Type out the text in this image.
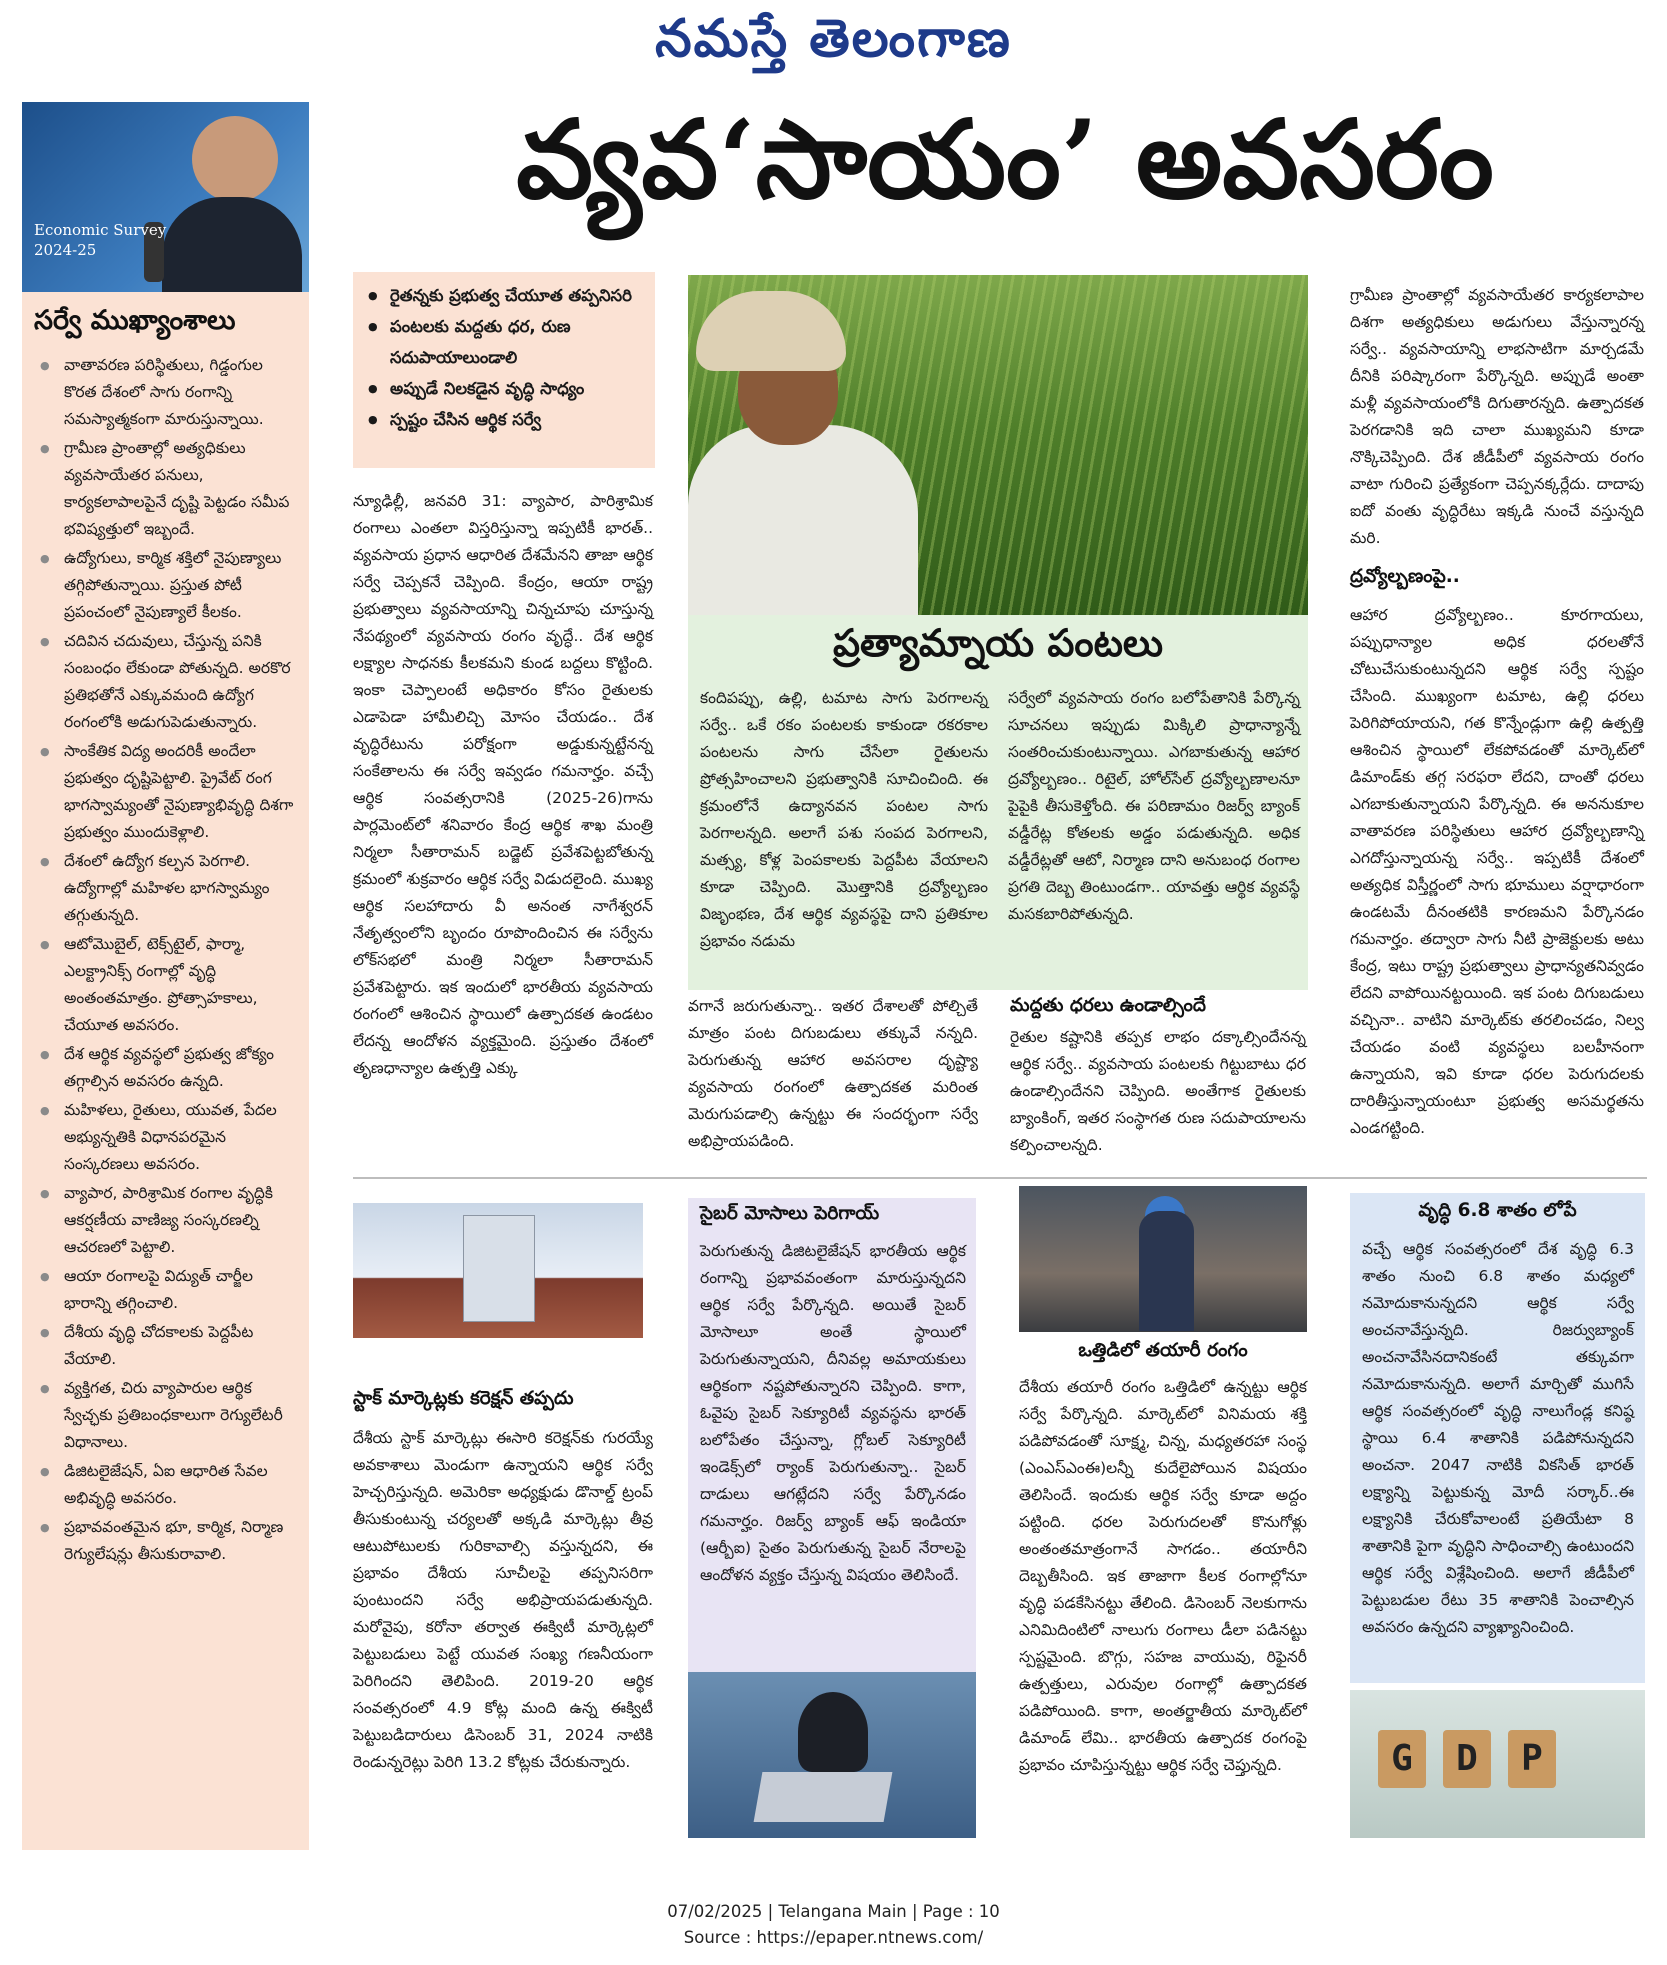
నమస్తే తెలంగాణ
వ్యవ‘సాయం’ అవసరం
Economic Survey
2024-25
సర్వే ముఖ్యాంశాలు
● వాతావరణ పరిస్థితులు, గిడ్డంగుల కొరత దేశంలో సాగు రంగాన్ని సమస్యాత్మకంగా మారుస్తున్నాయి.
● గ్రామీణ ప్రాంతాల్లో అత్యధికులు వ్యవసాయేతర పనులు, కార్యకలాపాలపైనే దృష్టి పెట్టడం సమీప భవిష్యత్తులో ఇబ్బందే.
● ఉద్యోగులు, కార్మిక శక్తిలో నైపుణ్యాలు తగ్గిపోతున్నాయి. ప్రస్తుత పోటీ ప్రపంచంలో నైపుణ్యాలే కీలకం.
● చదివిన చదువులు, చేస్తున్న పనికి సంబంధం లేకుండా పోతున్నది. అరకొర ప్రతిభతోనే ఎక్కువమంది ఉద్యోగ రంగంలోకి అడుగుపెడుతున్నారు.
● సాంకేతిక విద్య అందరికీ అందేలా ప్రభుత్వం దృష్టిపెట్టాలి. ప్రైవేట్ రంగ భాగస్వామ్యంతో నైపుణ్యాభివృద్ధి దిశగా ప్రభుత్వం ముందుకెళ్లాలి.
● దేశంలో ఉద్యోగ కల్పన పెరగాలి. ఉద్యోగాల్లో మహిళల భాగస్వామ్యం తగ్గుతున్నది.
● ఆటోమొబైల్, టెక్స్‌టైల్, ఫార్మా, ఎలక్ట్రానిక్స్ రంగాల్లో వృద్ధి అంతంతమాత్రం. ప్రోత్సాహకాలు, చేయూత అవసరం.
● దేశ ఆర్థిక వ్యవస్థలో ప్రభుత్వ జోక్యం తగ్గాల్సిన అవసరం ఉన్నది.
● మహిళలు, రైతులు, యువత, పేదల అభ్యున్నతికి విధానపరమైన సంస్కరణలు అవసరం.
● వ్యాపార, పారిశ్రామిక రంగాల వృద్ధికి ఆకర్షణీయ వాణిజ్య సంస్కరణల్ని ఆచరణలో పెట్టాలి.
● ఆయా రంగాలపై విద్యుత్ చార్జీల భారాన్ని తగ్గించాలి.
● దేశీయ వృద్ధి చోదకాలకు పెద్దపీట వేయాలి.
● వ్యక్తిగత, చిరు వ్యాపారుల ఆర్థిక స్వేచ్ఛకు ప్రతిబంధకాలుగా రెగ్యులేటరీ విధానాలు.
● డిజిటలైజేషన్, ఏఐ ఆధారిత సేవల అభివృద్ధి అవసరం.
● ప్రభావవంతమైన భూ, కార్మిక, నిర్మాణ రెగ్యులేషన్లు తీసుకురావాలి.
● రైతన్నకు ప్రభుత్వ చేయూత తప్పనిసరి
● పంటలకు మద్దతు ధర, రుణ సదుపాయాలుండాలి
● అప్పుడే నిలకడైన వృద్ధి సాధ్యం
● స్పష్టం చేసిన ఆర్థిక సర్వే

న్యూఢిల్లీ, జనవరి 31: వ్యాపార, పారిశ్రామిక రంగాలు ఎంతలా విస్తరిస్తున్నా ఇప్పటికీ భారత్.. వ్యవసాయ ప్రధాన ఆధారిత దేశమేనని తాజా ఆర్థిక సర్వే చెప్పకనే చెప్పింది. కేంద్రం, ఆయా రాష్ట్ర ప్రభుత్వాలు వ్యవసాయాన్ని చిన్నచూపు చూస్తున్న నేపథ్యంలో వ్యవసాయ రంగం వృద్ధే.. దేశ ఆర్థిక లక్ష్యాల సాధనకు కీలకమని కుండ బద్దలు కొట్టింది. ఇంకా చెప్పాలంటే అధికారం కోసం రైతులకు ఎడాపెడా హామీలిచ్చి మోసం చేయడం.. దేశ వృద్ధిరేటును పరోక్షంగా అడ్డుకున్నట్టేనన్న సంకేతాలను ఈ సర్వే ఇవ్వడం గమనార్హం. వచ్చే ఆర్థిక సంవత్సరానికి (2025-26)గాను పార్లమెంట్‌లో శనివారం కేంద్ర ఆర్థిక శాఖ మంత్రి నిర్మలా సీతారామన్ బడ్జెట్ ప్రవేశపెట్టబోతున్న క్రమంలో శుక్రవారం ఆర్థిక సర్వే విడుదలైంది. ముఖ్య ఆర్థిక సలహాదారు వీ అనంత నాగేశ్వరన్ నేతృత్వంలోని బృందం రూపొందించిన ఈ సర్వేను లోక్‌సభలో మంత్రి నిర్మలా సీతారామన్ ప్రవేశపెట్టారు. ఇక ఇందులో భారతీయ వ్యవసాయ రంగంలో ఆశించిన స్థాయిలో ఉత్పాదకత ఉండటం లేదన్న ఆందోళన వ్యక్తమైంది. ప్రస్తుతం దేశంలో తృణధాన్యాల ఉత్పత్తి ఎక్కు

ప్రత్యామ్నాయ పంటలు

కందిపప్పు, ఉల్లి, టమాట సాగు పెరగాలన్న సర్వే.. ఒకే రకం పంటలకు కాకుండా రకరకాల పంటలను సాగు చేసేలా రైతులను ప్రోత్సహించాలని ప్రభుత్వానికి సూచించింది. ఈ క్రమంలోనే ఉద్యానవన పంటల సాగు పెరగాలన్నది. అలాగే పశు సంపద పెరగాలని, మత్స్య, కోళ్ల పెంపకాలకు పెద్దపీట వేయాలని కూడా చెప్పింది. మొత్తానికి ద్రవ్యోల్బణం విజృంభణ, దేశ ఆర్థిక వ్యవస్థపై దాని ప్రతికూల ప్రభావం నడుమ

సర్వేలో వ్యవసాయ రంగం బలోపేతానికి పేర్కొన్న సూచనలు ఇప్పుడు మిక్కిలి ప్రాధాన్యాన్నే సంతరించుకుంటున్నాయి. ఎగబాకుతున్న ఆహార ద్రవ్యోల్బణం.. రిటైల్, హోల్‌సేల్ ద్రవ్యోల్బణాలనూ పైపైకి తీసుకెళ్తోంది. ఈ పరిణామం రిజర్వ్ బ్యాంక్ వడ్డీరేట్ల కోతలకు అడ్డం పడుతున్నది. అధిక వడ్డీరేట్లతో ఆటో, నిర్మాణ దాని అనుబంధ రంగాల ప్రగతి దెబ్బ తింటుండగా.. యావత్తు ఆర్థిక వ్యవస్థే మసకబారిపోతున్నది.

వగానే జరుగుతున్నా.. ఇతర దేశాలతో పోల్చితే మాత్రం పంట దిగుబడులు తక్కువే నన్నది. పెరుగుతున్న ఆహార అవసరాల దృష్ట్యా వ్యవసాయ రంగంలో ఉత్పాదకత మరింత మెరుగుపడాల్సి ఉన్నట్టు ఈ సందర్భంగా సర్వే అభిప్రాయపడింది.

మద్దతు ధరలు ఉండాల్సిందే

రైతుల కష్టానికి తప్పక లాభం దక్కాల్సిందేనన్న ఆర్థిక సర్వే.. వ్యవసాయ పంటలకు గిట్టుబాటు ధర ఉండాల్సిందేనని చెప్పింది. అంతేగాక రైతులకు బ్యాంకింగ్, ఇతర సంస్థాగత రుణ సదుపాయాలను కల్పించాలన్నది.

గ్రామీణ ప్రాంతాల్లో వ్యవసాయేతర కార్యకలాపాల దిశగా అత్యధికులు అడుగులు వేస్తున్నారన్న సర్వే.. వ్యవసాయాన్ని లాభసాటిగా మార్చడమే దీనికి పరిష్కారంగా పేర్కొన్నది. అప్పుడే అంతా మళ్లీ వ్యవసాయంలోకి దిగుతారన్నది. ఉత్పాదకత పెరగడానికి ఇది చాలా ముఖ్యమని కూడా నొక్కిచెప్పింది. దేశ జీడీపీలో వ్యవసాయ రంగం వాటా గురించి ప్రత్యేకంగా చెప్పనక్కర్లేదు. దాదాపు ఐదో వంతు వృద్ధిరేటు ఇక్కడి నుంచే వస్తున్నది మరి.

ద్రవ్యోల్బణంపై..

ఆహార ద్రవ్యోల్బణం.. కూరగాయలు, పప్పుధాన్యాల అధిక ధరలతోనే చోటుచేసుకుంటున్నదని ఆర్థిక సర్వే స్పష్టం చేసింది. ముఖ్యంగా టమాట, ఉల్లి ధరలు పెరిగిపోయాయని, గత కొన్నేండ్లుగా ఉల్లి ఉత్పత్తి ఆశించిన స్థాయిలో లేకపోవడంతో మార్కెట్‌లో డిమాండ్‌కు తగ్గ సరఫరా లేదని, దాంతో ధరలు ఎగబాకుతున్నాయని పేర్కొన్నది. ఈ అననుకూల వాతావరణ పరిస్థితులు ఆహార ద్రవ్యోల్బణాన్ని ఎగదోస్తున్నాయన్న సర్వే.. ఇప్పటికీ దేశంలో అత్యధిక విస్తీర్ణంలో సాగు భూములు వర్షాధారంగా ఉండటమే దీనంతటికి కారణమని పేర్కొనడం గమనార్హం. తద్వారా సాగు నీటి ప్రాజెక్టులకు అటు కేంద్ర, ఇటు రాష్ట్ర ప్రభుత్వాలు ప్రాధాన్యతనివ్వడం లేదని వాపోయినట్టయింది. ఇక పంట దిగుబడులు వచ్చినా.. వాటిని మార్కెట్‌కు తరలించడం, నిల్వ చేయడం వంటి వ్యవస్థలు బలహీనంగా ఉన్నాయని, ఇవి కూడా ధరల పెరుగుదలకు దారితీస్తున్నాయంటూ ప్రభుత్వ అసమర్థతను ఎండగట్టింది.

స్టాక్ మార్కెట్లకు కరెక్షన్ తప్పదు

దేశీయ స్టాక్ మార్కెట్లు ఈసారి కరెక్షన్‌కు గురయ్యే అవకాశాలు మెండుగా ఉన్నాయని ఆర్థిక సర్వే హెచ్చరిస్తున్నది. అమెరికా అధ్యక్షుడు డొనాల్డ్ ట్రంప్ తీసుకుంటున్న చర్యలతో అక్కడి మార్కెట్లు తీవ్ర ఆటుపోటులకు గురికావాల్సి వస్తున్నదని, ఈ ప్రభావం దేశీయ సూచీలపై తప్పనిసరిగా పుంటుందని సర్వే అభిప్రాయపడుతున్నది. మరోవైపు, కరోనా తర్వాత ఈక్విటీ మార్కెట్లలో పెట్టుబడులు పెట్టే యువత సంఖ్య గణనీయంగా పెరిగిందని తెలిపింది. 2019-20 ఆర్థిక సంవత్సరంలో 4.9 కోట్ల మంది ఉన్న ఈక్విటీ పెట్టుబడిదారులు డిసెంబర్ 31, 2024 నాటికి రెండున్నరెట్లు పెరిగి 13.2 కోట్లకు చేరుకున్నారు.

సైబర్ మోసాలు పెరిగాయ్

పెరుగుతున్న డిజిటలైజేషన్ భారతీయ ఆర్థిక రంగాన్ని ప్రభావవంతంగా మారుస్తున్నదని ఆర్థిక సర్వే పేర్కొన్నది. అయితే సైబర్ మోసాలూ అంతే స్థాయిలో పెరుగుతున్నాయని, దీనివల్ల అమాయకులు ఆర్థికంగా నష్టపోతున్నారని చెప్పింది. కాగా, ఓవైపు సైబర్ సెక్యూరిటీ వ్యవస్థను భారత్ బలోపేతం చేస్తున్నా, గ్లోబల్ సెక్యూరిటీ ఇండెక్స్‌లో ర్యాంక్ పెరుగుతున్నా.. సైబర్ దాడులు ఆగట్లేదని సర్వే పేర్కొనడం గమనార్హం. రిజర్వ్ బ్యాంక్ ఆఫ్ ఇండియా (ఆర్బీఐ) సైతం పెరుగుతున్న సైబర్ నేరాలపై ఆందోళన వ్యక్తం చేస్తున్న విషయం తెలిసిందే.

ఒత్తిడిలో తయారీ రంగం

దేశీయ తయారీ రంగం ఒత్తిడిలో ఉన్నట్టు ఆర్థిక సర్వే పేర్కొన్నది. మార్కెట్‌లో వినిమయ శక్తి పడిపోవడంతో సూక్ష్మ, చిన్న, మధ్యతరహా సంస్థ (ఎంఎస్ఎంఈ)లన్నీ కుదేలైపోయిన విషయం తెలిసిందే. ఇందుకు ఆర్థిక సర్వే కూడా అద్దం పట్టింది. ధరల పెరుగుదలతో కొనుగోళ్లు అంతంతమాత్రంగానే సాగడం.. తయారీని దెబ్బతీసింది. ఇక తాజాగా కీలక రంగాల్లోనూ వృద్ధి పడకేసినట్టు తేలింది. డిసెంబర్ నెలకుగాను ఎనిమిదింటిలో నాలుగు రంగాలు డీలా పడినట్టు స్పష్టమైంది. బొగ్గు, సహజ వాయువు, రిఫైనరీ ఉత్పత్తులు, ఎరువుల రంగాల్లో ఉత్పాదకత పడిపోయింది. కాగా, అంతర్జాతీయ మార్కెట్‌లో డిమాండ్ లేమి.. భారతీయ ఉత్పాదక రంగంపై ప్రభావం చూపిస్తున్నట్టు ఆర్థిక సర్వే చెప్తున్నది.

వృద్ధి 6.8 శాతం లోపే

వచ్చే ఆర్థిక సంవత్సరంలో దేశ వృద్ధి 6.3 శాతం నుంచి 6.8 శాతం మధ్యలో నమోదుకానున్నదని ఆర్థిక సర్వే అంచనావేస్తున్నది. రిజర్వుబ్యాంక్ అంచనావేసినదానికంటే తక్కువగా నమోదుకానున్నది. అలాగే మార్చితో ముగిసే ఆర్థిక సంవత్సరంలో వృద్ధి నాలుగేండ్ల కనిష్ఠ స్థాయి 6.4 శాతానికి పడిపోనున్నదని అంచనా. 2047 నాటికి వికసిత్ భారత్ లక్ష్యాన్ని పెట్టుకున్న మోదీ సర్కార్..ఈ లక్ష్యానికి చేరుకోవాలంటే ప్రతియేటా 8 శాతానికి పైగా వృద్ధిని సాధించాల్సి ఉంటుందని ఆర్థిక సర్వే విశ్లేషించింది. అలాగే జీడీపీలో పెట్టుబడుల రేటు 35 శాతానికి పెంచాల్సిన అవసరం ఉన్నదని వ్యాఖ్యానించింది.

G	D	P
07/02/2025 | Telangana Main | Page : 10
Source : https://epaper.ntnews.com/
